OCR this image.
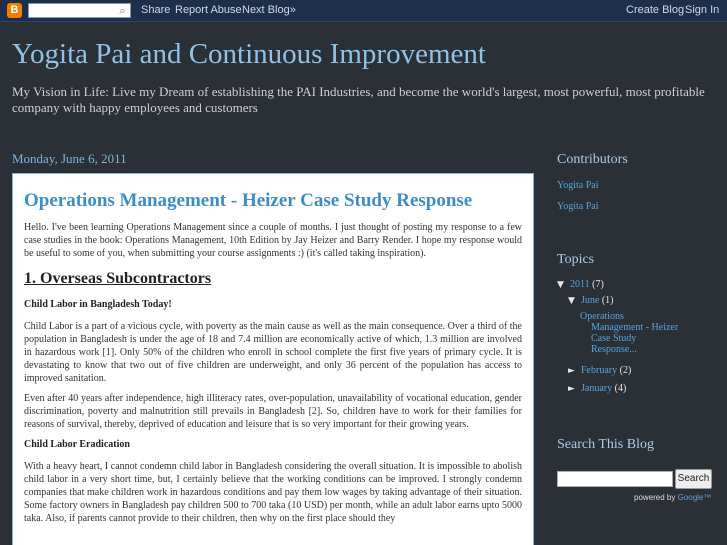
B	⌕	Share Report Abuse Next Blog»	Create Blog Sign In
Yogita Pai and Continuous Improvement
My Vision in Life: Live my Dream of establishing the PAI Industries, and become the world's largest, most powerful, most profitable company with happy employees and customers
Monday, June 6, 2011
Operations Management - Heizer Case Study Response

Hello. I've been learning Operations Management since a couple of months. I just thought of posting my response to a few case studies in the book: Operations Management, 10th Edition by Jay Heizer and Barry Render. I hope my response would be useful to some of you, when submitting your course assignments :) (it's called taking inspiration).

1. Overseas Subcontractors
Child Labor in Bangladesh Today!

Child Labor is a part of a vicious cycle, with poverty as the main cause as well as the main consequence. Over a third of the population in Bangladesh is under the age of 18 and 7.4 million are economically active of which, 1.3 million are involved in hazardous work [1]. Only 50% of the children who enroll in school complete the first five years of primary cycle. It is devastating to know that two out of five children are underweight, and only 36 percent of the population has access to improved sanitation.

Even after 40 years after independence, high illiteracy rates, over-population, unavailability of vocational education, gender discrimination, poverty and malnutrition still prevails in Bangladesh [2]. So, children have to work for their families for reasons of survival, thereby, deprived of education and leisure that is so very important for their growing years.

Child Labor Eradication

With a heavy heart, I cannot condemn child labor in Bangladesh considering the overall situation. It is impossible to abolish child labor in a very short time, but, I certainly believe that the working conditions can be improved. I strongly condemn companies that make children work in hazardous conditions and pay them low wages by taking advantage of their situation. Some factory owners in Bangladesh pay children 500 to 700 taka (10 USD) per month, while an adult labor earns upto 5000 taka. Also, if parents cannot provide to their children, then why on the first place should they

Contributors
Yogita Pai
Yogita Pai
Topics
▼ 2011 (7)
▼ June (1)
Operations
Management - Heizer
Case Study
Response...
► February (2)
► January (4)
Search This Blog
Search
powered by Google™
